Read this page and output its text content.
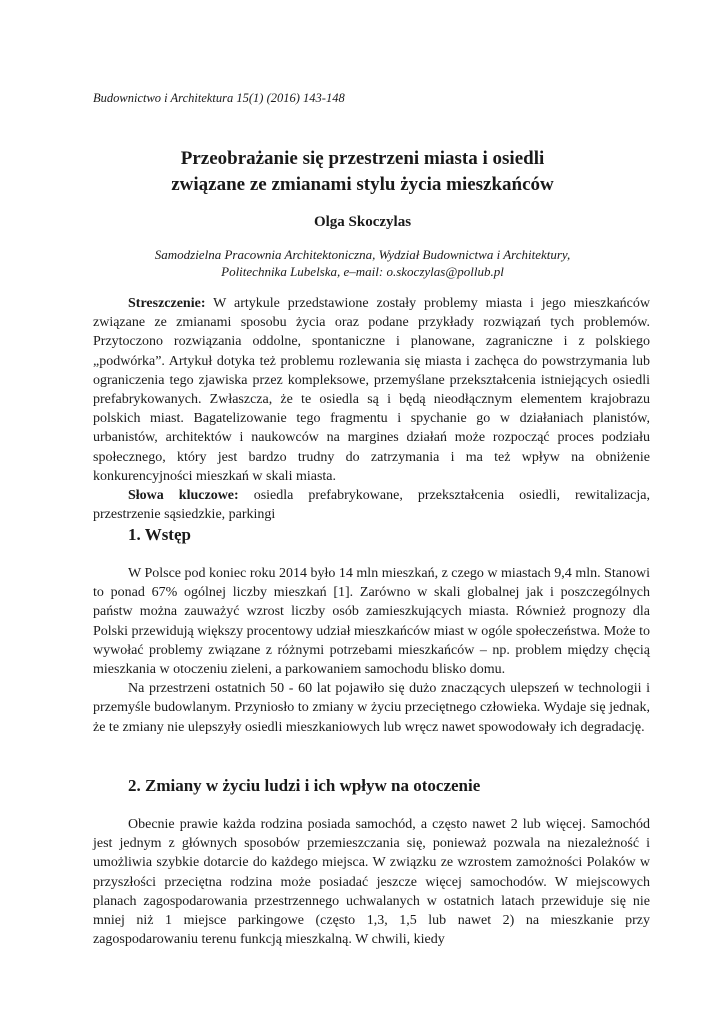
Budownictwo i Architektura 15(1) (2016) 143-148
Przeobrażanie się przestrzeni miasta i osiedli
związane ze zmianami stylu życia mieszkańców
Olga Skoczylas
Samodzielna Pracownia Architektoniczna, Wydział Budownictwa i Architektury,
Politechnika Lubelska, e–mail: o.skoczylas@pollub.pl

Streszczenie: W artykule przedstawione zostały problemy miasta i jego mieszkańców związane ze zmianami sposobu życia oraz podane przykłady rozwiązań tych problemów. Przytoczono rozwiązania oddolne, spontaniczne i planowane, zagraniczne i z polskiego „podwórka”. Artykuł dotyka też problemu rozlewania się miasta i zachęca do powstrzymania lub ograniczenia tego zjawiska przez kompleksowe, przemyślane przekształcenia istniejących osiedli prefabrykowanych. Zwłaszcza, że te osiedla są i będą nieodłącznym elementem krajobrazu polskich miast. Bagatelizowanie tego fragmentu i spychanie go w działaniach planistów, urbanistów, architektów i naukowców na margines działań może rozpocząć proces podziału społecznego, który jest bardzo trudny do zatrzymania i ma też wpływ na obniżenie konkurencyjności mieszkań w skali miasta.

Słowa kluczowe: osiedla prefabrykowane, przekształcenia osiedli, rewitalizacja, przestrzenie sąsiedzkie, parkingi

1. Wstęp

W Polsce pod koniec roku 2014 było 14 mln mieszkań, z czego w miastach 9,4 mln. Stanowi to ponad 67% ogólnej liczby mieszkań [1]. Zarówno w skali globalnej jak i poszczególnych państw można zauważyć wzrost liczby osób zamieszkujących miasta. Również prognozy dla Polski przewidują większy procentowy udział mieszkańców miast w ogóle społeczeństwa. Może to wywołać problemy związane z różnymi potrzebami mieszkańców – np. problem między chęcią mieszkania w otoczeniu zieleni, a parkowaniem samochodu blisko domu.

Na przestrzeni ostatnich 50 - 60 lat pojawiło się dużo znaczących ulepszeń w technologii i przemyśle budowlanym. Przyniosło to zmiany w życiu przeciętnego człowieka. Wydaje się jednak, że te zmiany nie ulepszyły osiedli mieszkaniowych lub wręcz nawet spowodowały ich degradację.

2. Zmiany w życiu ludzi i ich wpływ na otoczenie

Obecnie prawie każda rodzina posiada samochód, a często nawet 2 lub więcej. Samochód jest jednym z głównych sposobów przemieszczania się, ponieważ pozwala na niezależność i umożliwia szybkie dotarcie do każdego miejsca. W związku ze wzrostem zamożności Polaków w przyszłości przeciętna rodzina może posiadać jeszcze więcej samochodów. W miejscowych planach zagospodarowania przestrzennego uchwalanych w ostatnich latach przewiduje się nie mniej niż 1 miejsce parkingowe (często 1,3, 1,5 lub nawet 2) na mieszkanie przy zagospodarowaniu terenu funkcją mieszkalną. W chwili, kiedy
